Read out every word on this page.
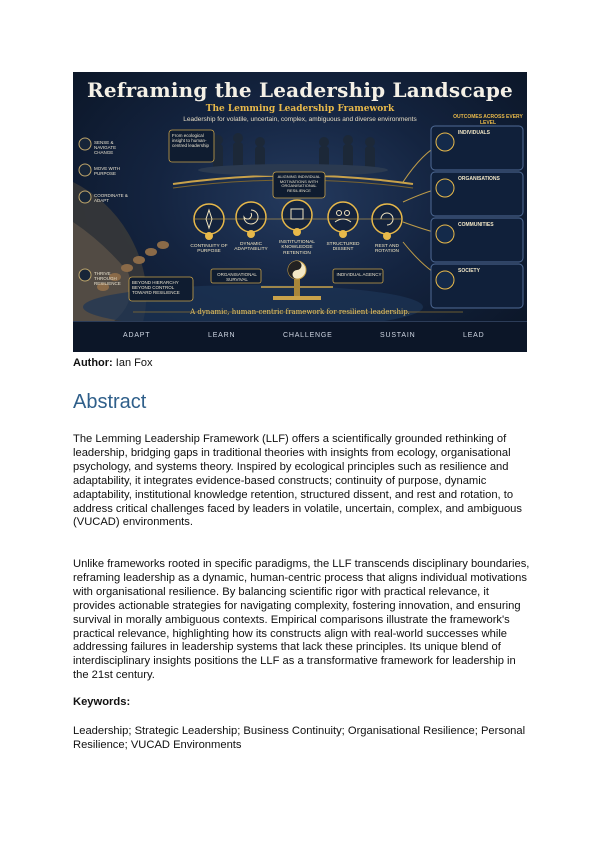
Reframing the Leadership Landscape
The Lemming Leadership Framework
Leadership for volatile, uncertain, complex, ambiguous and diverse environments
From ecological insight to human-centred leadership
ALIGNING INDIVIDUAL MOTIVATIONS WITH ORGANISATIONAL RESILIENCE
SENSE & NAVIGATE CHANGE
MOVE WITH PURPOSE
COORDINATE & ADAPT
THRIVE THROUGH RESILIENCE	BEYOND HIERARCHY BEYOND CONTROL TOWARD RESILIENCE
CONTINUITY OF PURPOSE
DYNAMIC ADAPTABILITY
INSTITUTIONAL KNOWLEDGE RETENTION
STRUCTURED DISSENT
REST AND ROTATION
ORGANISATIONAL SURVIVAL
INDIVIDUAL AGENCY
OUTCOMES ACROSS EVERY LEVEL
INDIVIDUALS
ORGANISATIONS
COMMUNITIES
SOCIETY
A dynamic, human-centric framework for resilient leadership.
ADAPT	LEARN	CHALLENGE	SUSTAIN	LEAD
Author: Ian Fox
Abstract
The Lemming Leadership Framework (LLF) offers a scientifically grounded rethinking of leadership, bridging gaps in traditional theories with insights from ecology, organisational psychology, and systems theory. Inspired by ecological principles such as resilience and adaptability, it integrates evidence-based constructs; continuity of purpose, dynamic adaptability, institutional knowledge retention, structured dissent, and rest and rotation, to address critical challenges faced by leaders in volatile, uncertain, complex, and ambiguous (VUCAD) environments.
Unlike frameworks rooted in specific paradigms, the LLF transcends disciplinary boundaries, reframing leadership as a dynamic, human-centric process that aligns individual motivations with organisational resilience. By balancing scientific rigor with practical relevance, it provides actionable strategies for navigating complexity, fostering innovation, and ensuring survival in morally ambiguous contexts. Empirical comparisons illustrate the framework's practical relevance, highlighting how its constructs align with real-world successes while addressing failures in leadership systems that lack these principles. Its unique blend of interdisciplinary insights positions the LLF as a transformative framework for leadership in the 21st century.
Keywords:
Leadership; Strategic Leadership; Business Continuity; Organisational Resilience; Personal Resilience; VUCAD Environments
